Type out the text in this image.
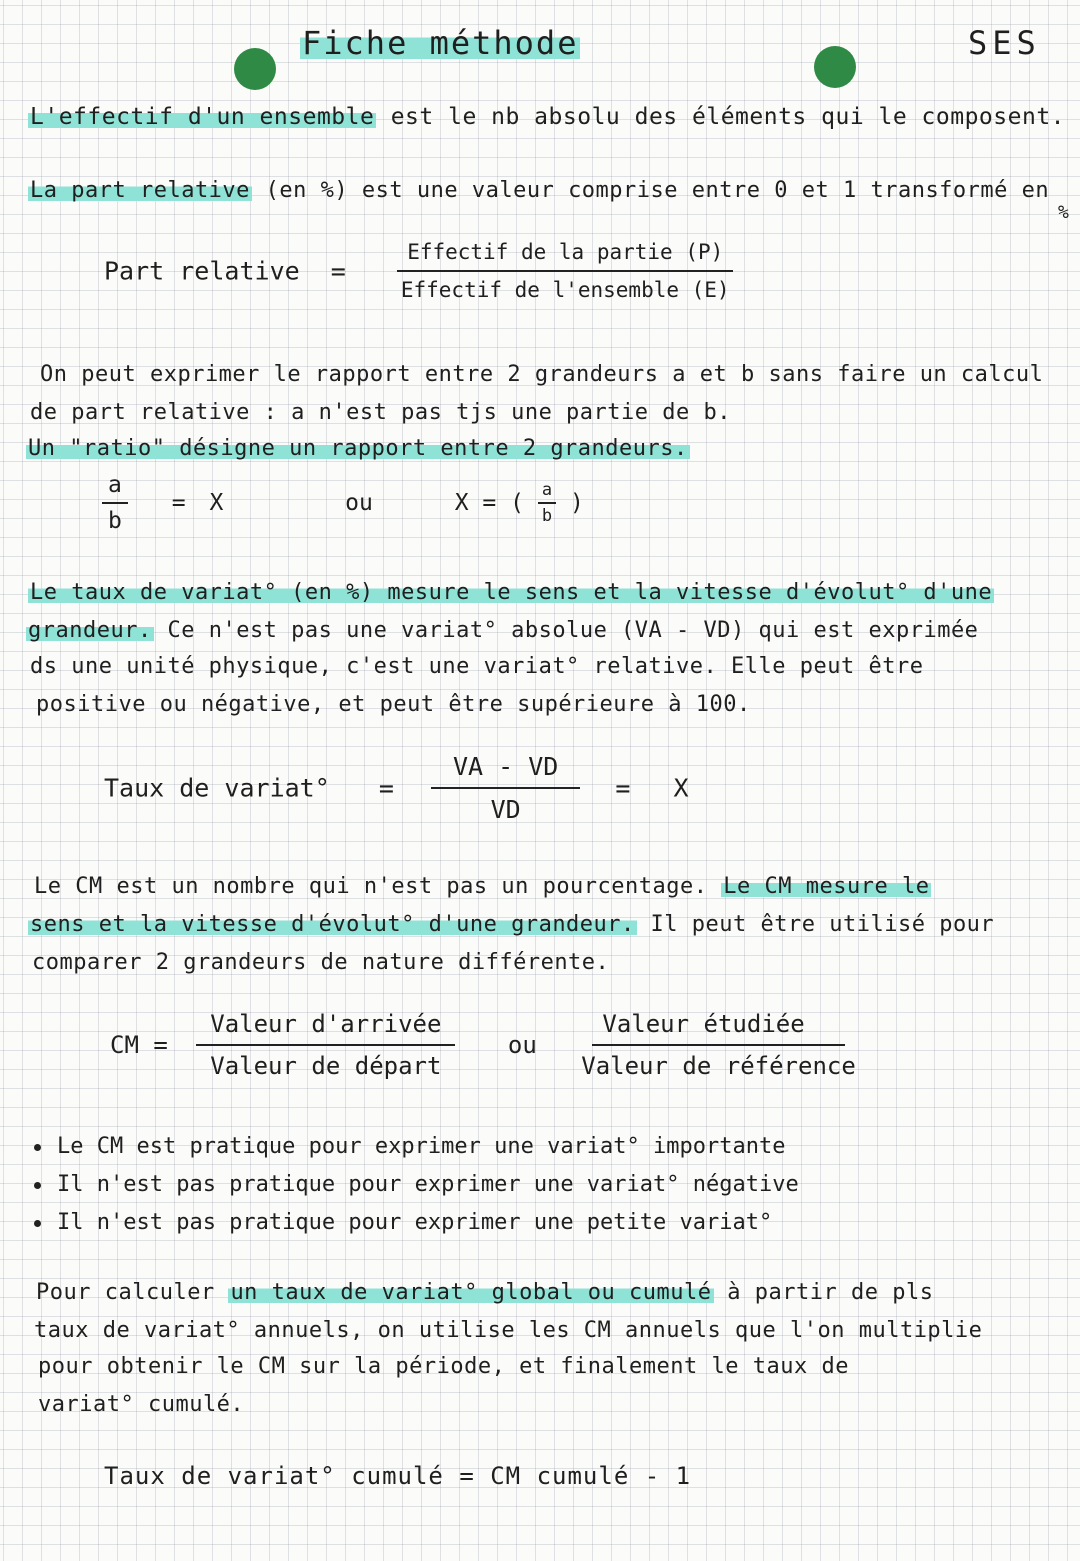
Fiche méthode	SES
L'effectif d'un ensemble est le nb absolu des éléments qui le composent.
La part relative (en %) est une valeur comprise entre 0 et 1 transformé en
%
Part relative = $\frac{\text{Effectif de la partie (P)}}{\text{Effectif de l'ensemble (E)}}$
On peut exprimer le rapport entre 2 grandeurs a et b sans faire un calcul
de part relative : a n'est pas tjs une partie de b.
Un "ratio" désigne un rapport entre 2 grandeurs.
$\frac{a}{b} = X$	ou	X = ( $\frac{a}{b}$ )
Le taux de variat° (en %) mesure le sens et la vitesse d'évolut° d'une
grandeur. Ce n'est pas une variat° absolue (VA - VD) qui est exprimée
ds une unité physique, c'est une variat° relative. Elle peut être
positive ou négative, et peut être supérieure à 100.
Taux de variat° = $\frac{VA - VD}{VD} = X$
Le CM est un nombre qui n'est pas un pourcentage. Le CM mesure le
sens et la vitesse d'évolut° d'une grandeur. Il peut être utilisé pour
comparer 2 grandeurs de nature différente.
CM = $\frac{\text{Valeur d'arrivée}}{\text{Valeur de départ}}$ ou $\frac{\text{Valeur étudiée}}{\text{Valeur de référence}}$
Le CM est pratique pour exprimer une variat° importante
Il n'est pas pratique pour exprimer une variat° négative
Il n'est pas pratique pour exprimer une petite variat°
Pour calculer un taux de variat° global ou cumulé à partir de pls
taux de variat° annuels, on utilise les CM annuels que l'on multiplie
pour obtenir le CM sur la période, et finalement le taux de
variat° cumulé.
Taux de variat° cumulé = CM cumulé - 1
